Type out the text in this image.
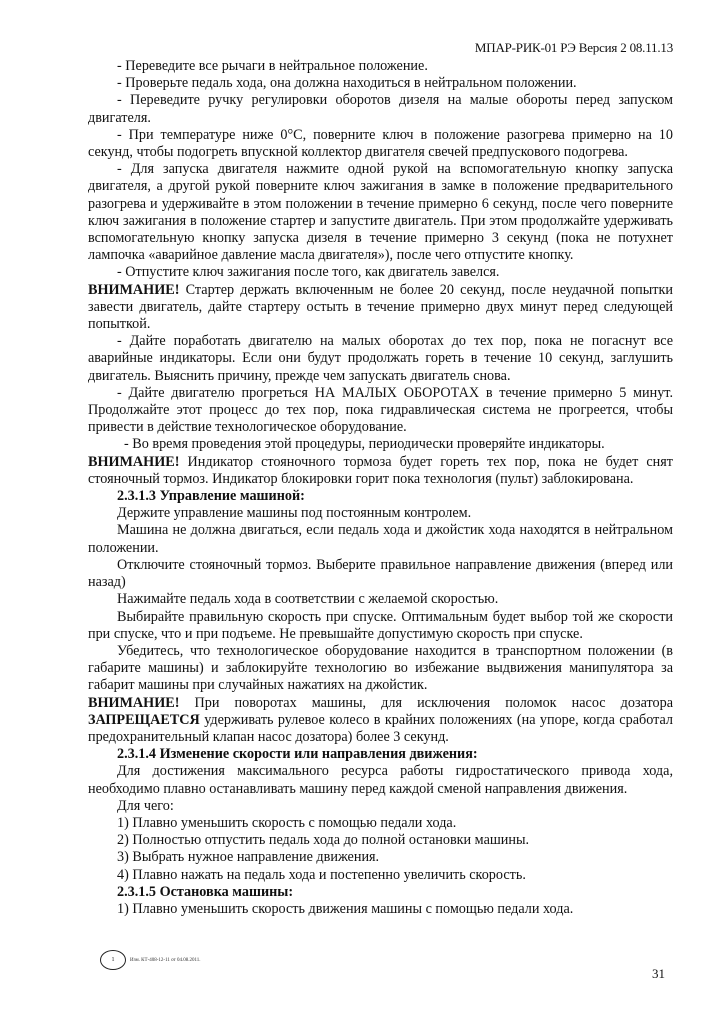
МПАР-РИК-01 РЭ Версия 2 08.11.13

- Переведите все рычаги в нейтральное положение.

- Проверьте педаль хода, она должна находиться в нейтральном положении.

- Переведите ручку регулировки оборотов дизеля на малые обороты перед запуском двигателя.

- При температуре ниже 0°С, поверните ключ в положение разогрева примерно на 10 секунд, чтобы подогреть впускной коллектор двигателя свечей предпускового подогрева.

- Для запуска двигателя нажмите одной рукой на вспомогательную кнопку запуска двигателя, а другой рукой поверните ключ зажигания в замке в положение предварительного разогрева и удерживайте в этом положении в течение примерно 6 секунд, после чего поверните ключ зажигания в положение стартер и запустите двигатель. При этом продолжайте удерживать вспомогательную кнопку запуска дизеля в течение примерно 3 секунд (пока не потухнет лампочка «аварийное давление масла двигателя»), после чего отпустите кнопку.

- Отпустите ключ зажигания после того, как двигатель завелся.

ВНИМАНИЕ! Стартер держать включенным не более 20 секунд, после неудачной попытки завести двигатель, дайте стартеру остыть в течение примерно двух минут перед следующей попыткой.

- Дайте поработать двигателю на малых оборотах до тех пор, пока не погаснут все аварийные индикаторы. Если они будут продолжать гореть в течение 10 секунд, заглушить двигатель. Выяснить причину, прежде чем запускать двигатель снова.

- Дайте двигателю прогреться НА МАЛЫХ ОБОРОТАХ в течение примерно 5 минут. Продолжайте этот процесс до тех пор, пока гидравлическая система не прогреется, чтобы привести в действие технологическое оборудование.

- Во время проведения этой процедуры, периодически проверяйте индикаторы.

ВНИМАНИЕ! Индикатор стояночного тормоза будет гореть тех пор, пока не будет снят стояночный тормоз. Индикатор блокировки горит пока технология (пульт) заблокирована.

2.3.1.3 Управление машиной:

Держите управление машины под постоянным контролем.

Машина не должна двигаться, если педаль хода и джойстик хода находятся в нейтральном положении.

Отключите стояночный тормоз. Выберите правильное направление движения (вперед или назад)

Нажимайте педаль хода в соответствии с желаемой скоростью.

Выбирайте правильную скорость при спуске. Оптимальным будет выбор той же скорости при спуске, что и при подъеме. Не превышайте допустимую скорость при спуске.

Убедитесь, что технологическое оборудование находится в транспортном положении (в габарите машины) и заблокируйте технологию во избежание выдвижения манипулятора за габарит машины при случайных нажатиях на джойстик.

ВНИМАНИЕ! При поворотах машины, для исключения поломок насос дозатора ЗАПРЕЩАЕТСЯ удерживать рулевое колесо в крайних положениях (на упоре, когда сработал предохранительный клапан насос дозатора) более 3 секунд.

2.3.1.4 Изменение скорости или направления движения:

Для достижения максимального ресурса работы гидростатического привода хода, необходимо плавно останавливать машину перед каждой сменой направления движения.

Для чего:

1) Плавно уменьшить скорость с помощью педали хода.

2) Полностью отпустить педаль хода до полной остановки машины.

3) Выбрать нужное направление движения.

4) Плавно нажать на педаль хода и постепенно увеличить скорость.

2.3.1.5 Остановка машины:

1) Плавно уменьшить скорость движения машины с помощью педали хода.

1	Изм. КТ-408-12-11 от 04.08.2011.
31
